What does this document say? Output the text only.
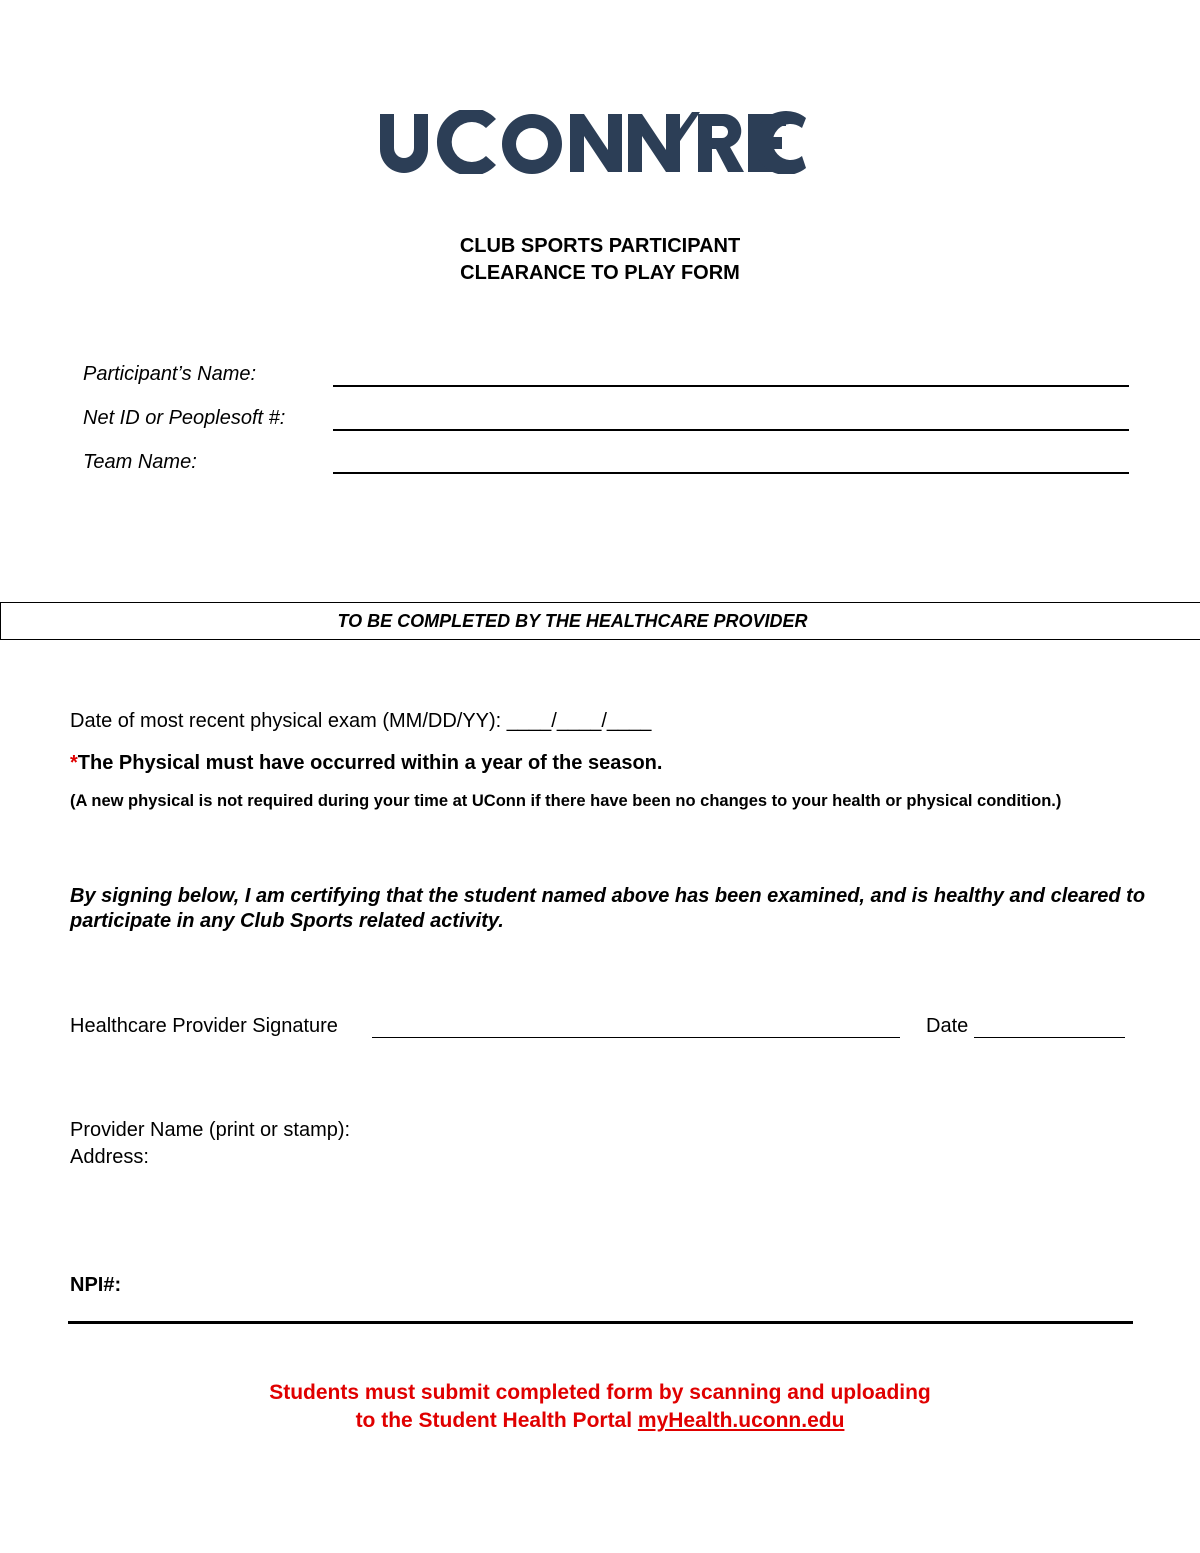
CLUB SPORTS PARTICIPANT
CLEARANCE TO PLAY FORM
Participant’s Name:
Net ID or Peoplesoft #:
Team Name:
TO BE COMPLETED BY THE HEALTHCARE PROVIDER
Date of most recent physical exam (MM/DD/YY): ____/____/____
*The Physical must have occurred within a year of the season.
(A new physical is not required during your time at UConn if there have been no changes to your health or physical condition.)
By signing below, I am certifying that the student named above has been examined, and is healthy and cleared to participate in any Club Sports related activity.
Healthcare Provider Signature	Date
Provider Name (print or stamp):
Address:
NPI#:
Students must submit completed form by scanning and uploading
to the Student Health Portal myHealth.uconn.edu
